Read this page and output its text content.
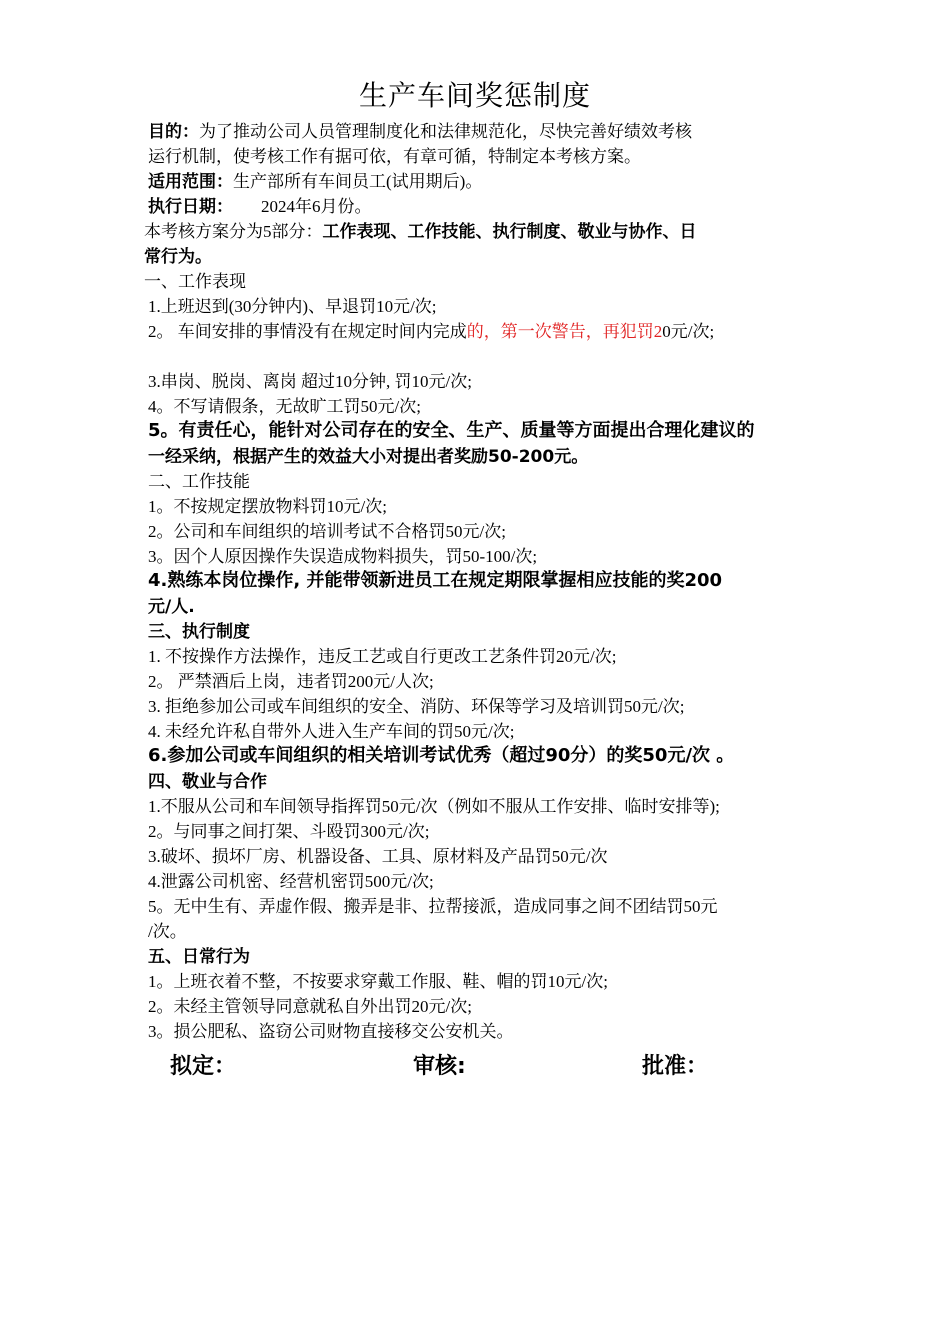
生产车间奖惩制度
目的：为了推动公司人员管理制度化和法律规范化，尽快完善好绩效考核
运行机制，使考核工作有据可依，有章可循，特制定本考核方案。
适用范围：生产部所有车间员工(试用期后)。
执行日期： 2024年6月份。
本考核方案分为5部分：工作表现、工作技能、执行制度、敬业与协作、日
常行为。
一、工作表现
1.上班迟到(30分钟内)、早退罚10元/次;
2。 车间安排的事情没有在规定时间内完成的，第一次警告，再犯罚20元/次;
3.串岗、脱岗、离岗 超过10分钟, 罚10元/次;
4。不写请假条，无故旷工罚50元/次;
5。有责任心，能针对公司存在的安全、生产、质量等方面提出合理化建议的
一经采纳，根据产生的效益大小对提出者奖励50-200元。
二、工作技能
1。不按规定摆放物料罚10元/次;
2。公司和车间组织的培训考试不合格罚50元/次;
3。因个人原因操作失误造成物料损失，罚50-100/次;
4.熟练本岗位操作, 并能带领新进员工在规定期限掌握相应技能的奖200
元/人.
三、执行制度
1. 不按操作方法操作，违反工艺或自行更改工艺条件罚20元/次;
2。 严禁酒后上岗，违者罚200元/人次;
3. 拒绝参加公司或车间组织的安全、消防、环保等学习及培训罚50元/次;
4. 未经允许私自带外人进入生产车间的罚50元/次;
6.参加公司或车间组织的相关培训考试优秀（超过90分）的奖50元/次 。
四、敬业与合作
1.不服从公司和车间领导指挥罚50元/次（例如不服从工作安排、临时安排等);
2。与同事之间打架、斗殴罚300元/次;
3.破坏、损坏厂房、机器设备、工具、原材料及产品罚50元/次
4.泄露公司机密、经营机密罚500元/次;
5。无中生有、弄虚作假、搬弄是非、拉帮接派，造成同事之间不团结罚50元
/次。
五、日常行为
1。上班衣着不整，不按要求穿戴工作服、鞋、帽的罚10元/次;
2。未经主管领导同意就私自外出罚20元/次;
3。损公肥私、盗窃公司财物直接移交公安机关。
拟定：	审核:	批准：
